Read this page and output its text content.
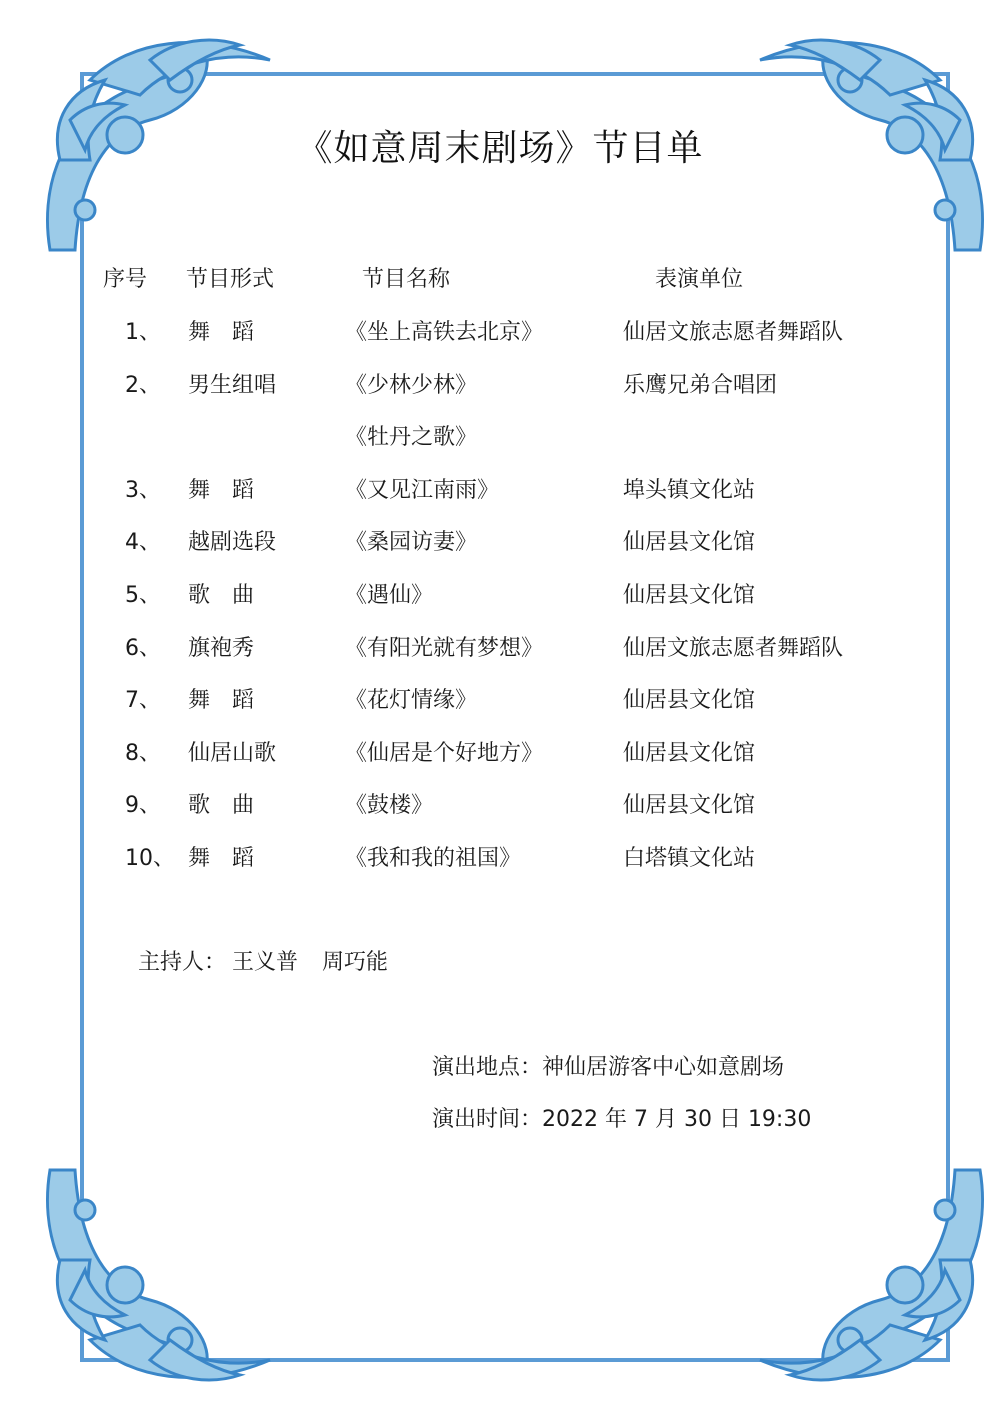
《如意周末剧场》节目单
序号 节目形式	节目名称	表演单位
1、 舞　蹈	《坐上高铁去北京》	仙居文旅志愿者舞蹈队
2、 男生组唱	《少林少林》	乐鹰兄弟合唱团
《牡丹之歌》
3、 舞　蹈	《又见江南雨》	埠头镇文化站
4、 越剧选段	《桑园访妻》	仙居县文化馆
5、 歌　曲	《遇仙》	仙居县文化馆
6、 旗袍秀	《有阳光就有梦想》	仙居文旅志愿者舞蹈队
7、 舞　蹈	《花灯情缘》	仙居县文化馆
8、 仙居山歌	《仙居是个好地方》	仙居县文化馆
9、 歌　曲	《鼓楼》	仙居县文化馆
10、 舞　蹈	《我和我的祖国》	白塔镇文化站
主持人： 王义普 周巧能
演出地点：神仙居游客中心如意剧场
演出时间：2022 年 7 月 30 日 19:30
